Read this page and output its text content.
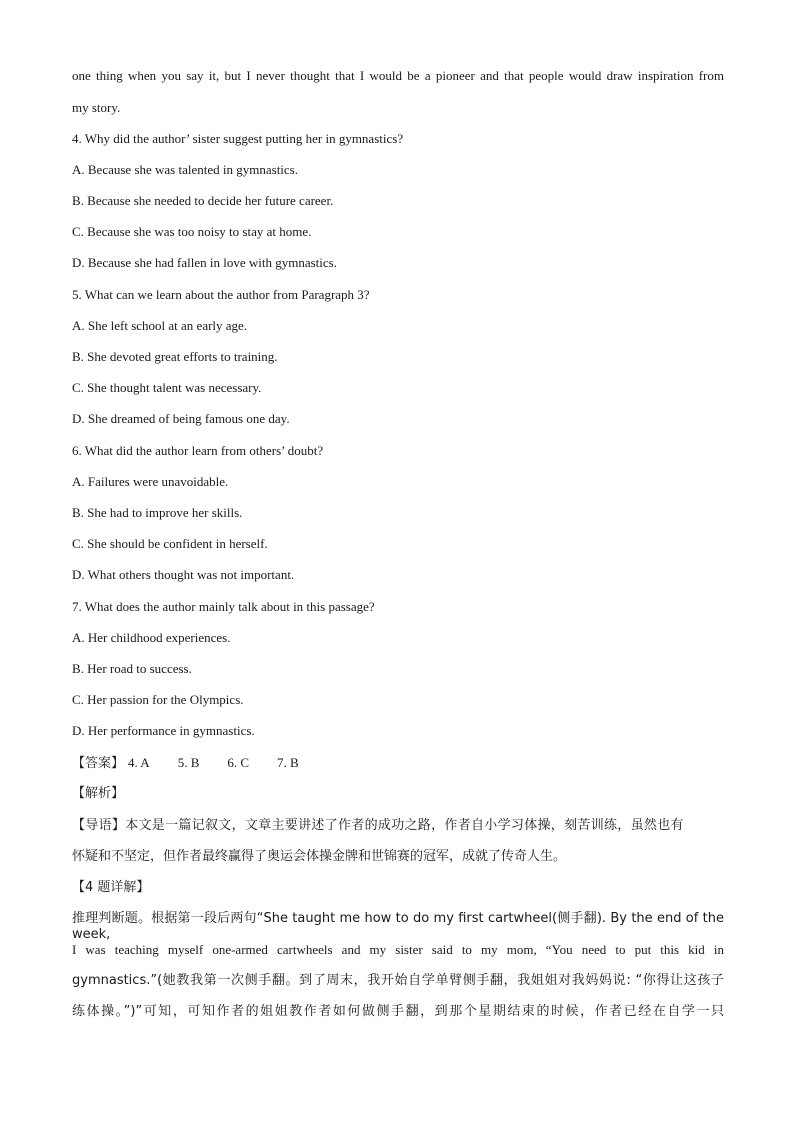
one thing when you say it, but I never thought that I would be a pioneer and that people would draw inspiration from
my story.
4. Why did the author’ sister suggest putting her in gymnastics?
A. Because she was talented in gymnastics.
B. Because she needed to decide her future career.
C. Because she was too noisy to stay at home.
D. Because she had fallen in love with gymnastics.
5. What can we learn about the author from Paragraph 3?
A. She left school at an early age.
B. She devoted great efforts to training.
C. She thought talent was necessary.
D. She dreamed of being famous one day.
6. What did the author learn from others’ doubt?
A. Failures were unavoidable.
B. She had to improve her skills.
C. She should be confident in herself.
D. What others thought was not important.
7. What does the author mainly talk about in this passage?
A. Her childhood experiences.
B. Her road to success.
C. Her passion for the Olympics.
D. Her performance in gymnastics.
【答案】 4. A 5. B 6. C 7. B
【解析】
【导语】本文是一篇记叙文，文章主要讲述了作者的成功之路，作者自小学习体操，刻苦训练，虽然也有
怀疑和不坚定，但作者最终赢得了奥运会体操金牌和世锦赛的冠军，成就了传奇人生。
【4 题详解】
推理判断题。根据第一段后两句“She taught me how to do my first cartwheel(侧手翻). By the end of the week,
I was teaching myself one-armed cartwheels and my sister said to my mom, “You need to put this kid in
gymnastics.”(她教我第一次侧手翻。到了周末，我开始自学单臂侧手翻，我姐姐对我妈妈说: “你得让这孩子
练体操。”)”可知，可知作者的姐姐教作者如何做侧手翻，到那个星期结束的时候，作者已经在自学一只
